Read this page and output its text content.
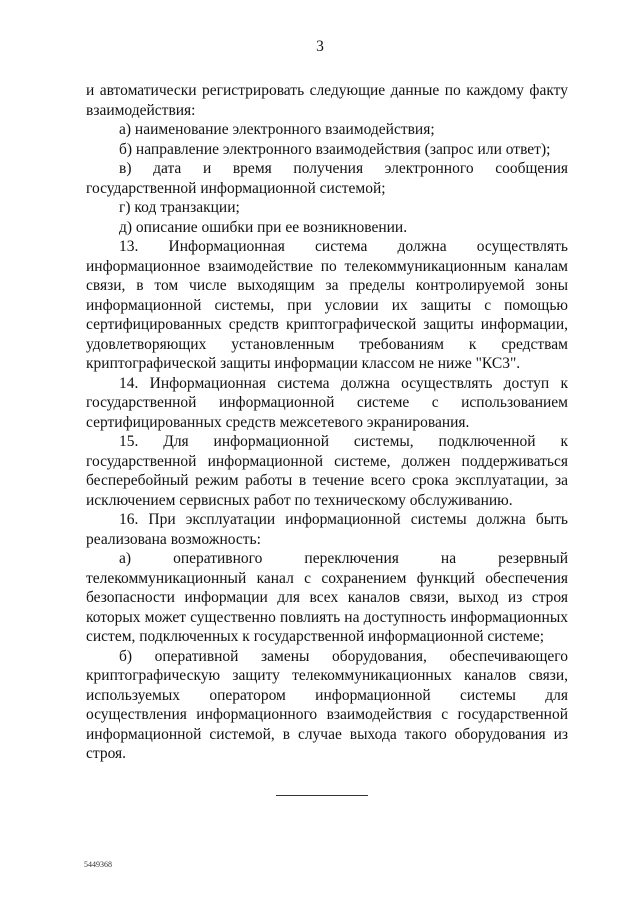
3

и автоматически регистрировать следующие данные по каждому факту взаимодействия:

а) наименование электронного взаимодействия;

б) направление электронного взаимодействия (запрос или ответ);

в) дата и время получения электронного сообщения государственной информационной системой;

г) код транзакции;

д) описание ошибки при ее возникновении.

13. Информационная система должна осуществлять информационное взаимодействие по телекоммуникационным каналам связи, в том числе выходящим за пределы контролируемой зоны информационной системы, при условии их защиты с помощью сертифицированных средств криптографической защиты информации, удовлетворяющих установленным требованиям к средствам криптографической защиты информации классом не ниже "КС3".

14. Информационная система должна осуществлять доступ к государственной информационной системе с использованием сертифицированных средств межсетевого экранирования.

15. Для информационной системы, подключенной к государственной информационной системе, должен поддерживаться бесперебойный режим работы в течение всего срока эксплуатации, за исключением сервисных работ по техническому обслуживанию.

16. При эксплуатации информационной системы должна быть реализована возможность:

а) оперативного переключения на резервный телекоммуникационный канал с сохранением функций обеспечения безопасности информации для всех каналов связи, выход из строя которых может существенно повлиять на доступность информационных систем, подключенных к государственной информационной системе;

б) оперативной замены оборудования, обеспечивающего криптографическую защиту телекоммуникационных каналов связи, используемых оператором информационной системы для осуществления информационного взаимодействия с государственной информационной системой, в случае выхода такого оборудования из строя.

5449368
